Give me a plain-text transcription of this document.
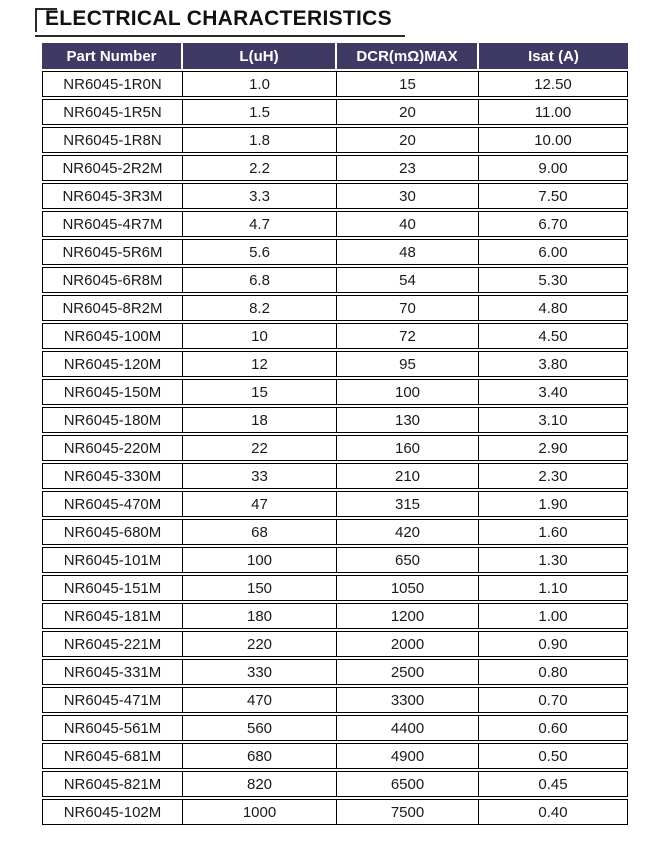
ELECTRICAL CHARACTERISTICS
Part Number	L(uH)	DCR(mΩ)MAX	Isat (A)
NR6045-1R0N	1.0	15	12.50
NR6045-1R5N	1.5	20	11.00
NR6045-1R8N	1.8	20	10.00
NR6045-2R2M	2.2	23	9.00
NR6045-3R3M	3.3	30	7.50
NR6045-4R7M	4.7	40	6.70
NR6045-5R6M	5.6	48	6.00
NR6045-6R8M	6.8	54	5.30
NR6045-8R2M	8.2	70	4.80
NR6045-100M	10	72	4.50
NR6045-120M	12	95	3.80
NR6045-150M	15	100	3.40
NR6045-180M	18	130	3.10
NR6045-220M	22	160	2.90
NR6045-330M	33	210	2.30
NR6045-470M	47	315	1.90
NR6045-680M	68	420	1.60
NR6045-101M	100	650	1.30
NR6045-151M	150	1050	1.10
NR6045-181M	180	1200	1.00
NR6045-221M	220	2000	0.90
NR6045-331M	330	2500	0.80
NR6045-471M	470	3300	0.70
NR6045-561M	560	4400	0.60
NR6045-681M	680	4900	0.50
NR6045-821M	820	6500	0.45
NR6045-102M	1000	7500	0.40
